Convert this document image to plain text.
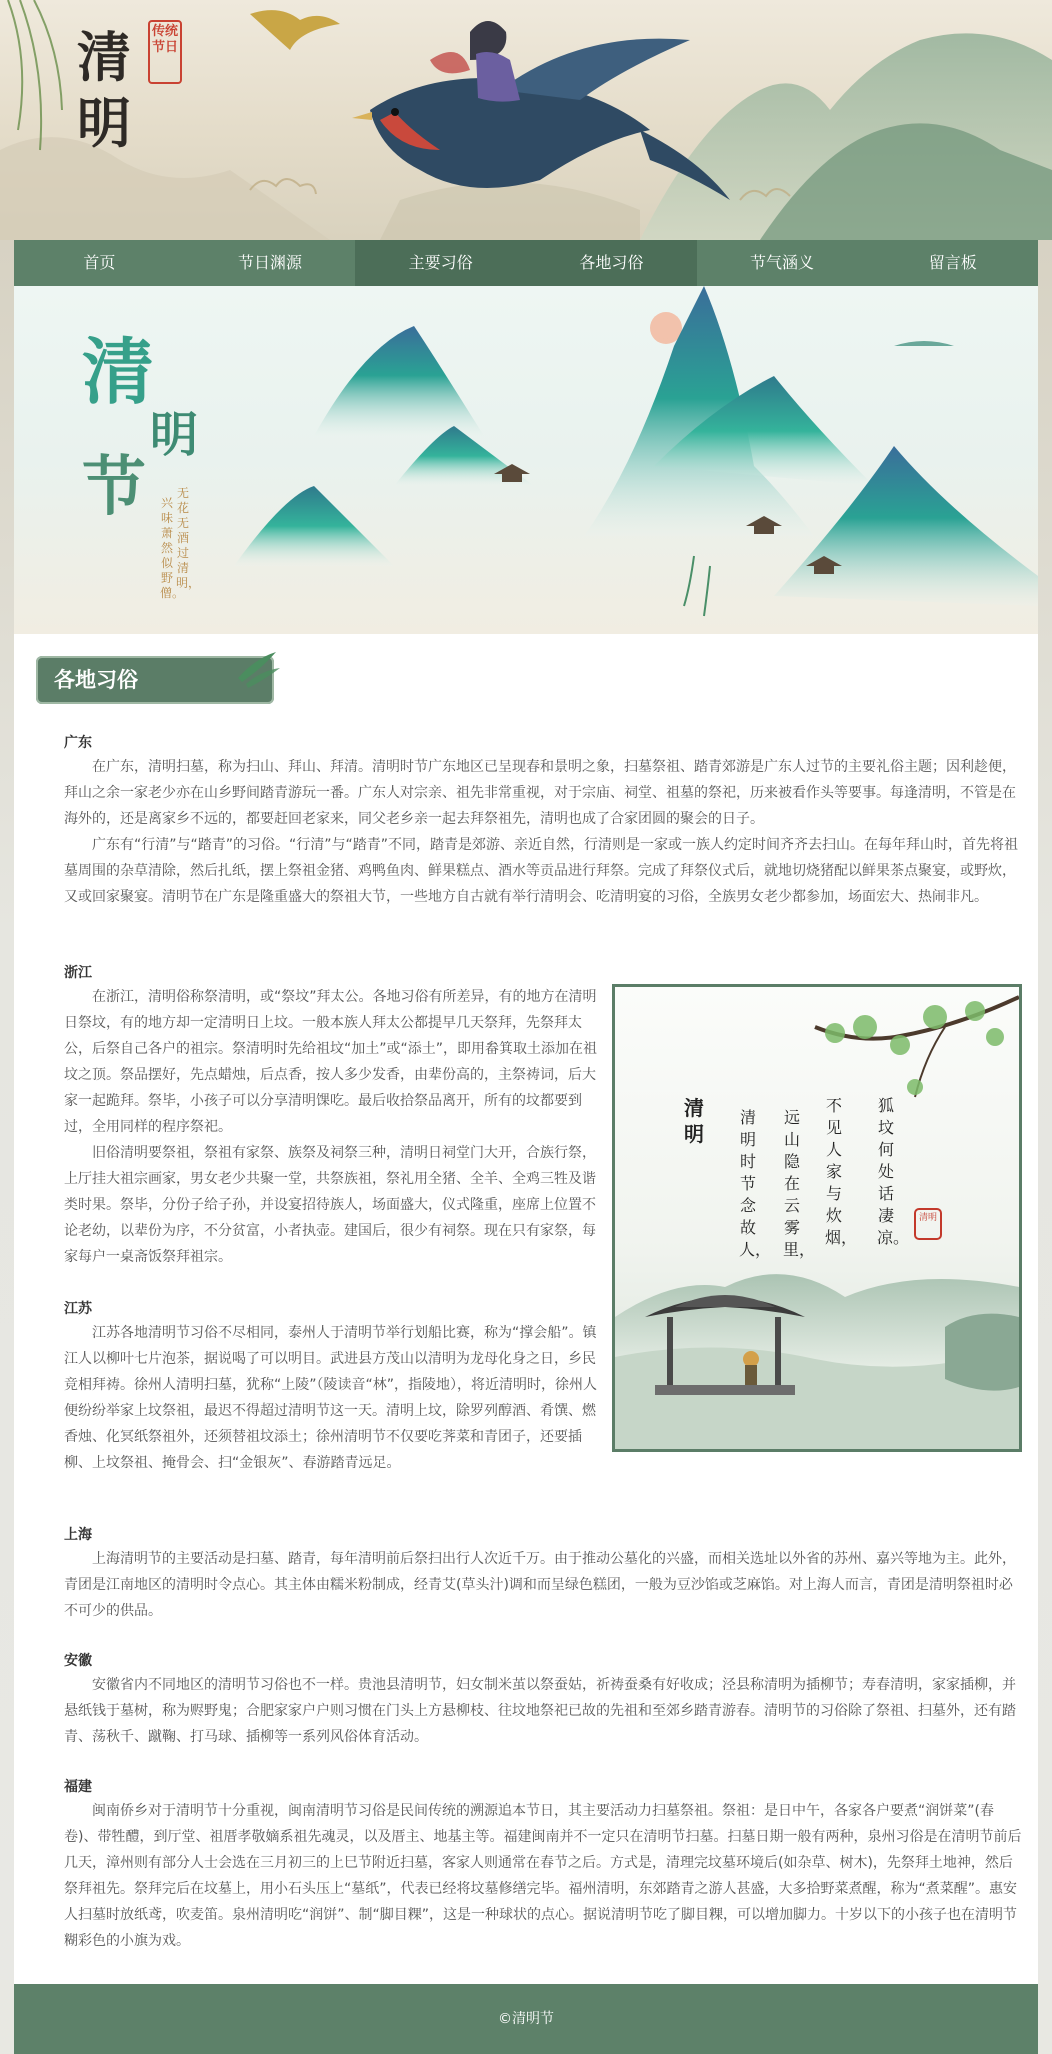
清
明
传统节日
首页	节日渊源	主要习俗	各地习俗	节气涵义	留言板
清
明
节 兴味萧然似野僧。
无花无酒过清明，
各地习俗
广东

在广东，清明扫墓，称为扫山、拜山、拜清。清明时节广东地区已呈现春和景明之象，扫墓祭祖、踏青郊游是广东人过节的主要礼俗主题；因利趁便，拜山之余一家老少亦在山乡野间踏青游玩一番。广东人对宗亲、祖先非常重视，对于宗庙、祠堂、祖墓的祭祀，历来被看作头等要事。每逢清明，不管是在海外的，还是离家乡不远的，都要赶回老家来，同父老乡亲一起去拜祭祖先，清明也成了合家团圆的聚会的日子。

广东有“行清”与“踏青”的习俗。“行清”与“踏青”不同，踏青是郊游、亲近自然，行清则是一家或一族人约定时间齐齐去扫山。在每年拜山时，首先将祖墓周围的杂草清除，然后扎纸，摆上祭祖金猪、鸡鸭鱼肉、鲜果糕点、酒水等贡品进行拜祭。完成了拜祭仪式后，就地切烧猪配以鲜果茶点聚宴，或野炊，又或回家聚宴。清明节在广东是隆重盛大的祭祖大节，一些地方自古就有举行清明会、吃清明宴的习俗，全族男女老少都参加，场面宏大、热闹非凡。

浙江

在浙江，清明俗称祭清明，或“祭坟”拜太公。各地习俗有所差异，有的地方在清明日祭坟，有的地方却一定清明日上坟。一般本族人拜太公都提早几天祭拜，先祭拜太公，后祭自己各户的祖宗。祭清明时先给祖坟“加土”或“添土”，即用畚箕取土添加在祖坟之顶。祭品摆好，先点蜡烛，后点香，按人多少发香，由辈份高的，主祭祷词，后大家一起跪拜。祭毕，小孩子可以分享清明馃吃。最后收拾祭品离开，所有的坟都要到过，全用同样的程序祭祀。

旧俗清明要祭祖，祭祖有家祭、族祭及祠祭三种，清明日祠堂门大开，合族行祭，上厅挂大祖宗画家，男女老少共聚一堂，共祭族祖，祭礼用全猪、全羊、全鸡三牲及谐类时果。祭毕，分份子给子孙，并设宴招待族人，场面盛大，仪式隆重，座席上位置不论老幼，以辈份为序，不分贫富，小者执壶。建国后，很少有祠祭。现在只有家祭，每家每户一桌斋饭祭拜祖宗。

江苏

江苏各地清明节习俗不尽相同，泰州人于清明节举行划船比赛，称为“撑会船”。镇江人以柳叶七片泡茶，据说喝了可以明目。武进县方茂山以清明为龙母化身之日，乡民竞相拜祷。徐州人清明扫墓，犹称“上陵”（陵读音“林”，指陵地），将近清明时，徐州人便纷纷举家上坟祭祖，最迟不得超过清明节这一天。清明上坟，除罗列醇酒、肴馔、燃香烛、化冥纸祭祖外，还须替祖坟添土；徐州清明节不仅要吃荠菜和青团子，还要插柳、上坟祭祖、掩骨会、扫“金银灰”、春游踏青远足。

清明
狐坟何处话凄凉。
不见人家与炊烟，
远山隐在云雾里，
清明时节念故人，
清明
上海

上海清明节的主要活动是扫墓、踏青，每年清明前后祭扫出行人次近千万。由于推动公墓化的兴盛，而相关选址以外省的苏州、嘉兴等地为主。此外，青团是江南地区的清明时令点心。其主体由糯米粉制成，经青艾(草头汁)调和而呈绿色糕团，一般为豆沙馅或芝麻馅。对上海人而言，青团是清明祭祖时必不可少的供品。

安徽

安徽省内不同地区的清明节习俗也不一样。贵池县清明节，妇女制米茧以祭蚕姑，祈祷蚕桑有好收成；泾县称清明为插柳节；寿春清明，家家插柳，并悬纸钱于墓树，称为赆野鬼；合肥家家户户则习惯在门头上方悬柳枝、往坟地祭祀已故的先祖和至郊乡踏青游春。清明节的习俗除了祭祖、扫墓外，还有踏青、荡秋千、蹴鞠、打马球、插柳等一系列风俗体育活动。

福建

闽南侨乡对于清明节十分重视，闽南清明节习俗是民间传统的溯源追本节日，其主要活动力扫墓祭祖。祭祖：是日中午，各家各户要煮“润饼菜”(春卷)、带牲醴，到厅堂、祖厝孝敬嫡系祖先魂灵，以及厝主、地基主等。福建闽南并不一定只在清明节扫墓。扫墓日期一般有两种，泉州习俗是在清明节前后几天，漳州则有部分人士会选在三月初三的上巳节附近扫墓，客家人则通常在春节之后。方式是，清理完坟墓环境后(如杂草、树木)，先祭拜土地神，然后祭拜祖先。祭拜完后在坟墓上，用小石头压上“墓纸”，代表已经将坟墓修缮完毕。福州清明，东郊踏青之游人甚盛，大多拾野菜煮醒，称为“煮菜醒”。惠安人扫墓时放纸鸢，吹麦笛。泉州清明吃“润饼”、制“脚目粿”，这是一种球状的点心。据说清明节吃了脚目粿，可以增加脚力。十岁以下的小孩子也在清明节糊彩色的小旗为戏。

©清明节
